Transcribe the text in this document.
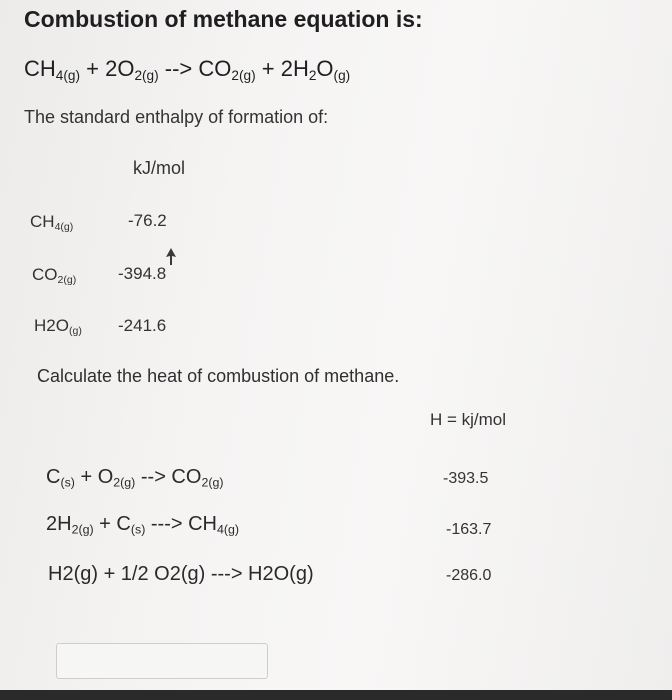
Combustion of methane equation is:
$CH_{4(g)} + 2O_{2(g)}$ --> $CO_{2(g)} + 2H_2O_{(g)}$
The standard enthalpy of formation of:
kJ/mol
$CH_{4(g)}$	-76.2
$CO_{2(g)}$ -394.8
$H2O_{(g)}$ -241.6
Calculate the heat of combustion of methane.
H = kj/mol
$C_{(s)} + O_{2(g)}$ --> $CO_{2(g)}$	-393.5
$2H_{2(g)} + C_{(s)}$ ---> $CH_{4(g)}$	-163.7
H2(g) + 1/2 O2(g) ---> H2O(g)	-286.0
